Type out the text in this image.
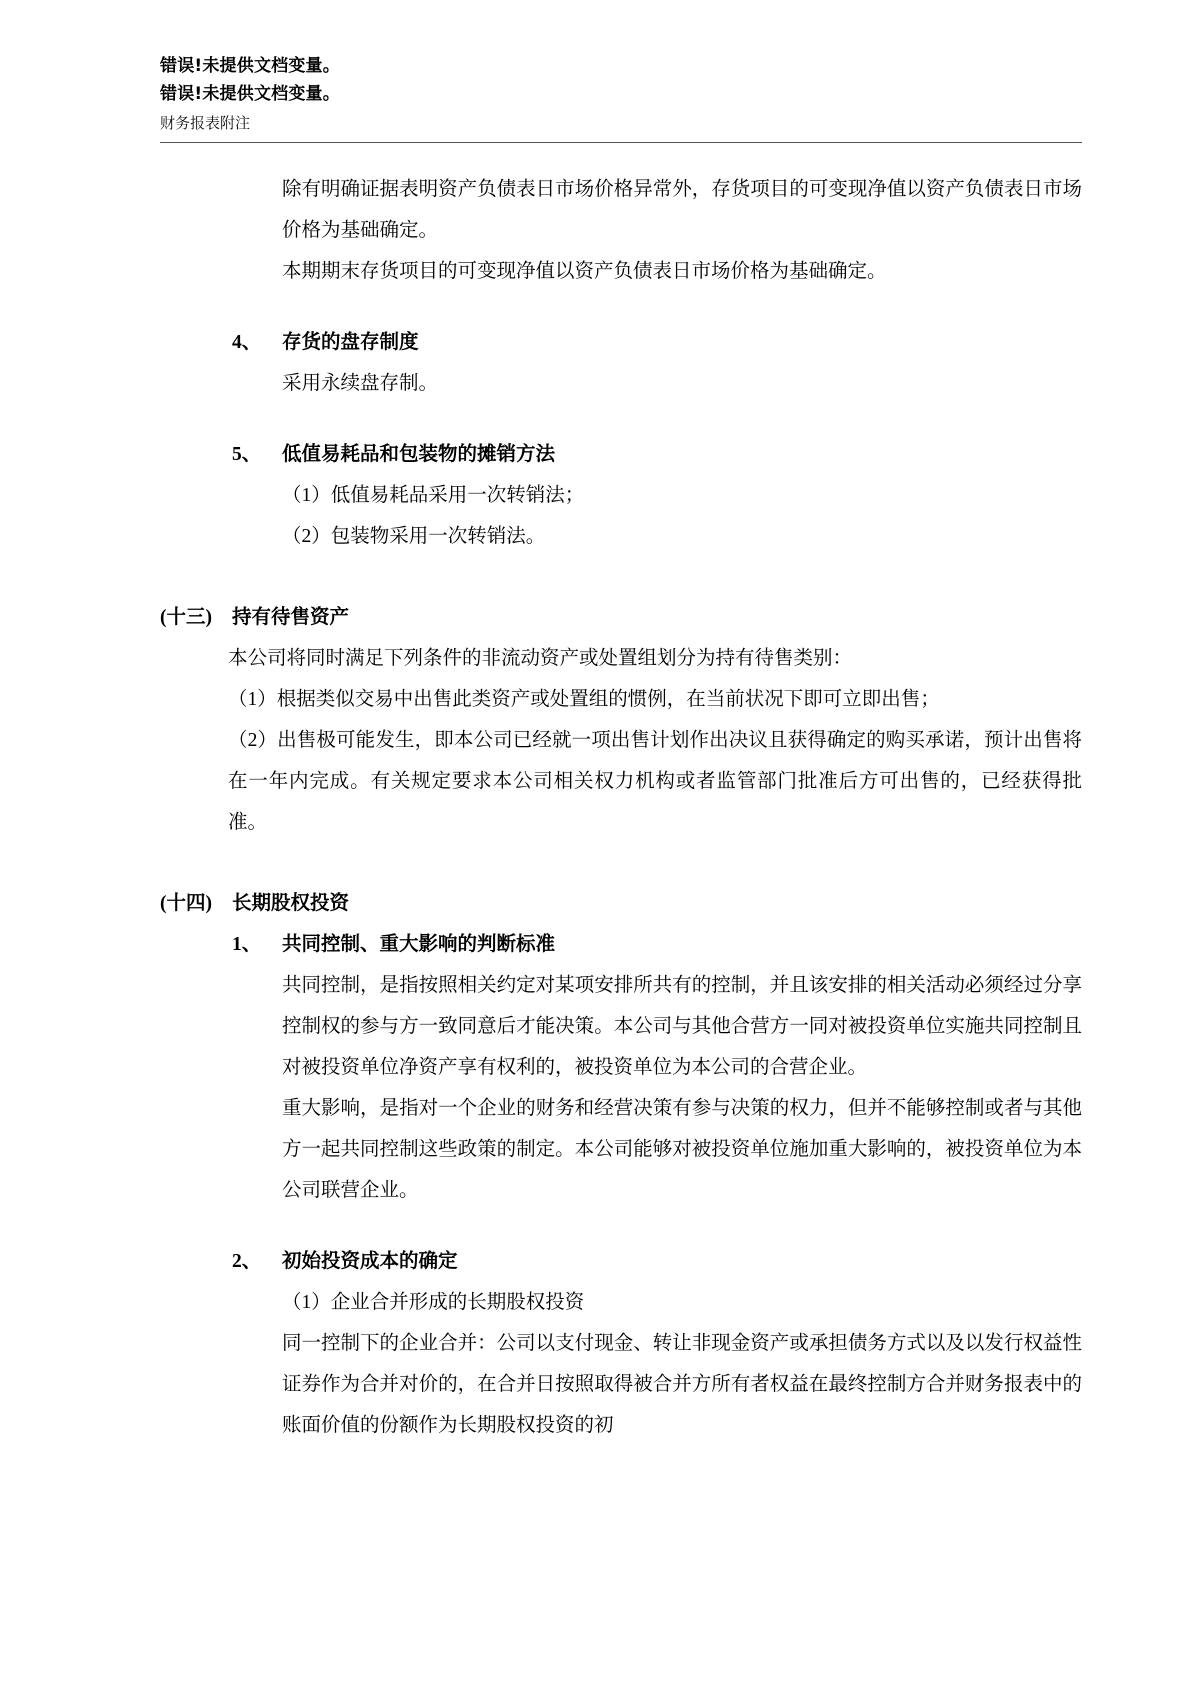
错误!未提供文档变量。
错误!未提供文档变量。
财务报表附注

除有明确证据表明资产负债表日市场价格异常外，存货项目的可变现净值以资产负债表日市场价格为基础确定。

本期期末存货项目的可变现净值以资产负债表日市场价格为基础确定。

4、	存货的盘存制度

采用永续盘存制。

5、	低值易耗品和包装物的摊销方法

（1）低值易耗品采用一次转销法；

（2）包装物采用一次转销法。

(十三)	持有待售资产

本公司将同时满足下列条件的非流动资产或处置组划分为持有待售类别：

（1）根据类似交易中出售此类资产或处置组的惯例，在当前状况下即可立即出售；

（2）出售极可能发生，即本公司已经就一项出售计划作出决议且获得确定的购买承诺，预计出售将在一年内完成。有关规定要求本公司相关权力机构或者监管部门批准后方可出售的，已经获得批准。

(十四)	长期股权投资
1、	共同控制、重大影响的判断标准

共同控制，是指按照相关约定对某项安排所共有的控制，并且该安排的相关活动必须经过分享控制权的参与方一致同意后才能决策。本公司与其他合营方一同对被投资单位实施共同控制且对被投资单位净资产享有权利的，被投资单位为本公司的合营企业。

重大影响，是指对一个企业的财务和经营决策有参与决策的权力，但并不能够控制或者与其他方一起共同控制这些政策的制定。本公司能够对被投资单位施加重大影响的，被投资单位为本公司联营企业。

2、	初始投资成本的确定

（1）企业合并形成的长期股权投资

同一控制下的企业合并：公司以支付现金、转让非现金资产或承担债务方式以及以发行权益性证券作为合并对价的，在合并日按照取得被合并方所有者权益在最终控制方合并财务报表中的账面价值的份额作为长期股权投资的初
